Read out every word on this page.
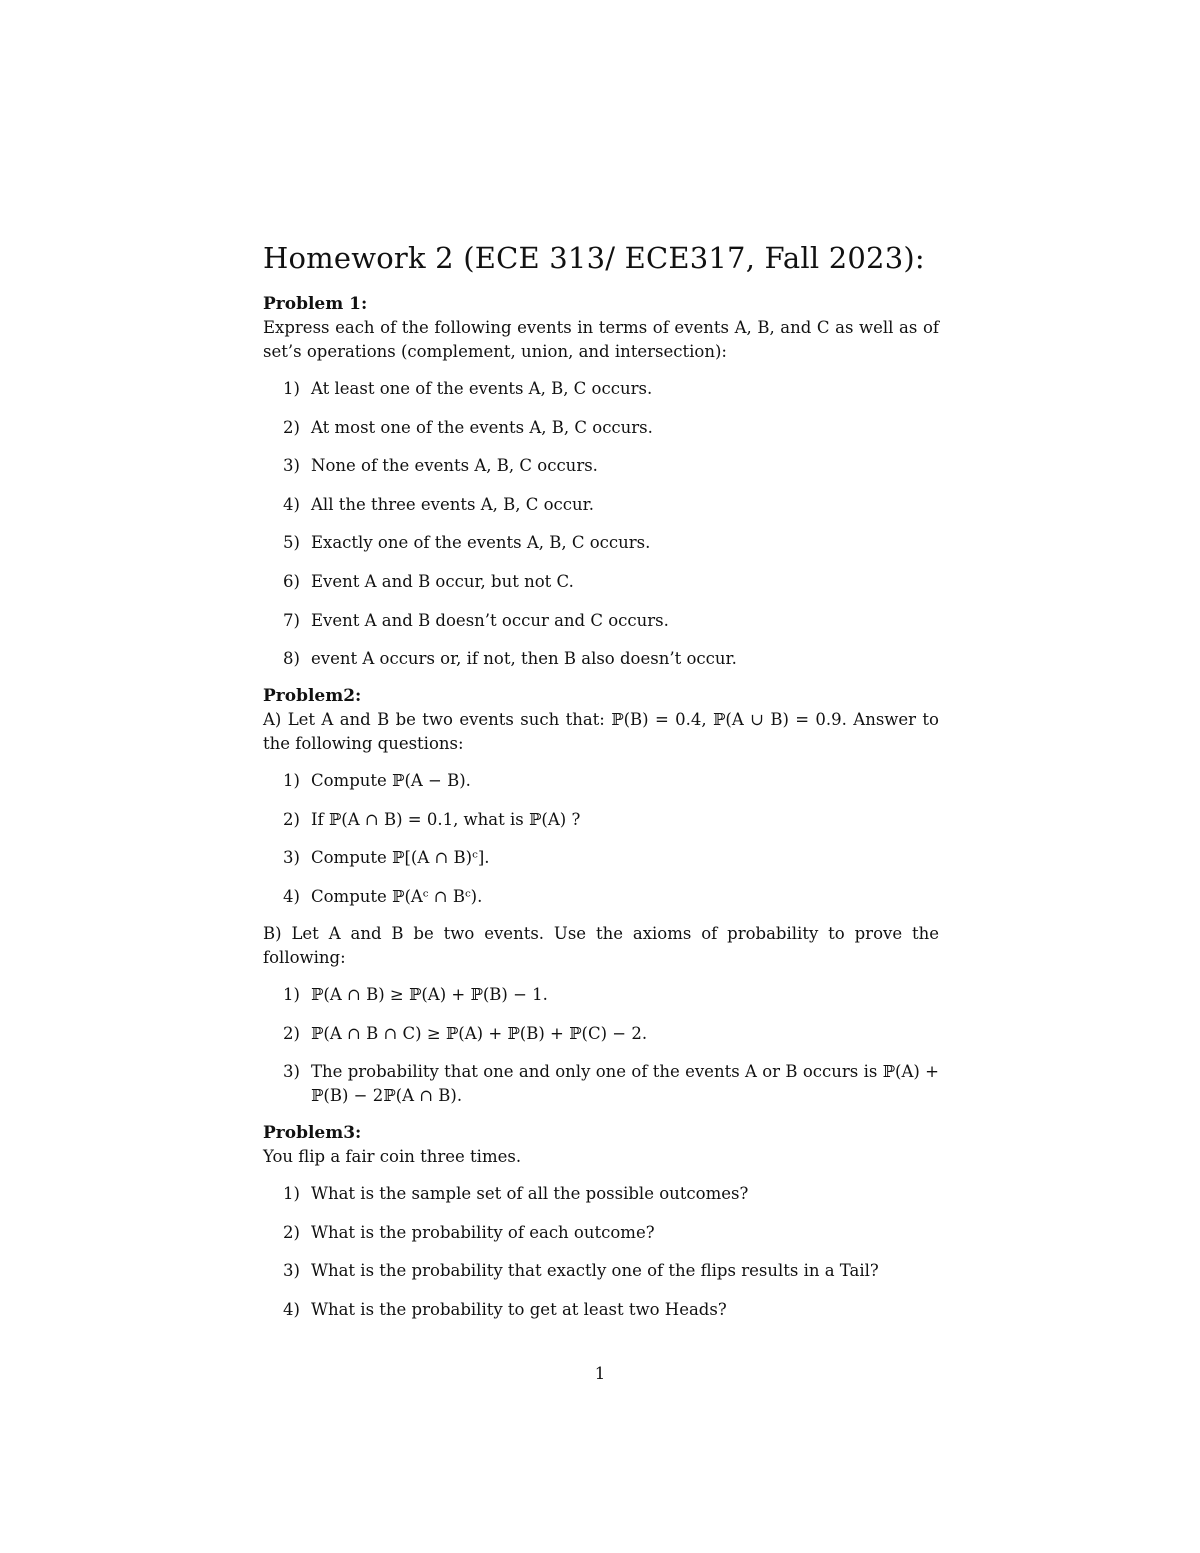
Homework 2 (ECE 313/ ECE317, Fall 2023):

Problem 1:

Express each of the following events in terms of events A, B, and C as well as of set’s operations (complement, union, and intersection):

1) At least one of the events A, B, C occurs.
2) At most one of the events A, B, C occurs.
3) None of the events A, B, C occurs.
4) All the three events A, B, C occur.
5) Exactly one of the events A, B, C occurs.
6) Event A and B occur, but not C.
7) Event A and B doesn’t occur and C occurs.
8) event A occurs or, if not, then B also doesn’t occur.

Problem2:

A) Let A and B be two events such that: ℙ(B) = 0.4, ℙ(A ∪ B) = 0.9. Answer to the following questions:

1) Compute ℙ(A − B).
2) If ℙ(A ∩ B) = 0.1, what is ℙ(A) ?
3) Compute ℙ[(A ∩ B)ᶜ].
4) Compute ℙ(Aᶜ ∩ Bᶜ).

B) Let A and B be two events. Use the axioms of probability to prove the following:

1) ℙ(A ∩ B) ≥ ℙ(A) + ℙ(B) − 1.
2) ℙ(A ∩ B ∩ C) ≥ ℙ(A) + ℙ(B) + ℙ(C) − 2.
3) The probability that one and only one of the events A or B occurs is ℙ(A) + ℙ(B) − 2ℙ(A ∩ B).

Problem3:

You flip a fair coin three times.

1) What is the sample set of all the possible outcomes?
2) What is the probability of each outcome?
3) What is the probability that exactly one of the flips results in a Tail?
4) What is the probability to get at least two Heads?
1
